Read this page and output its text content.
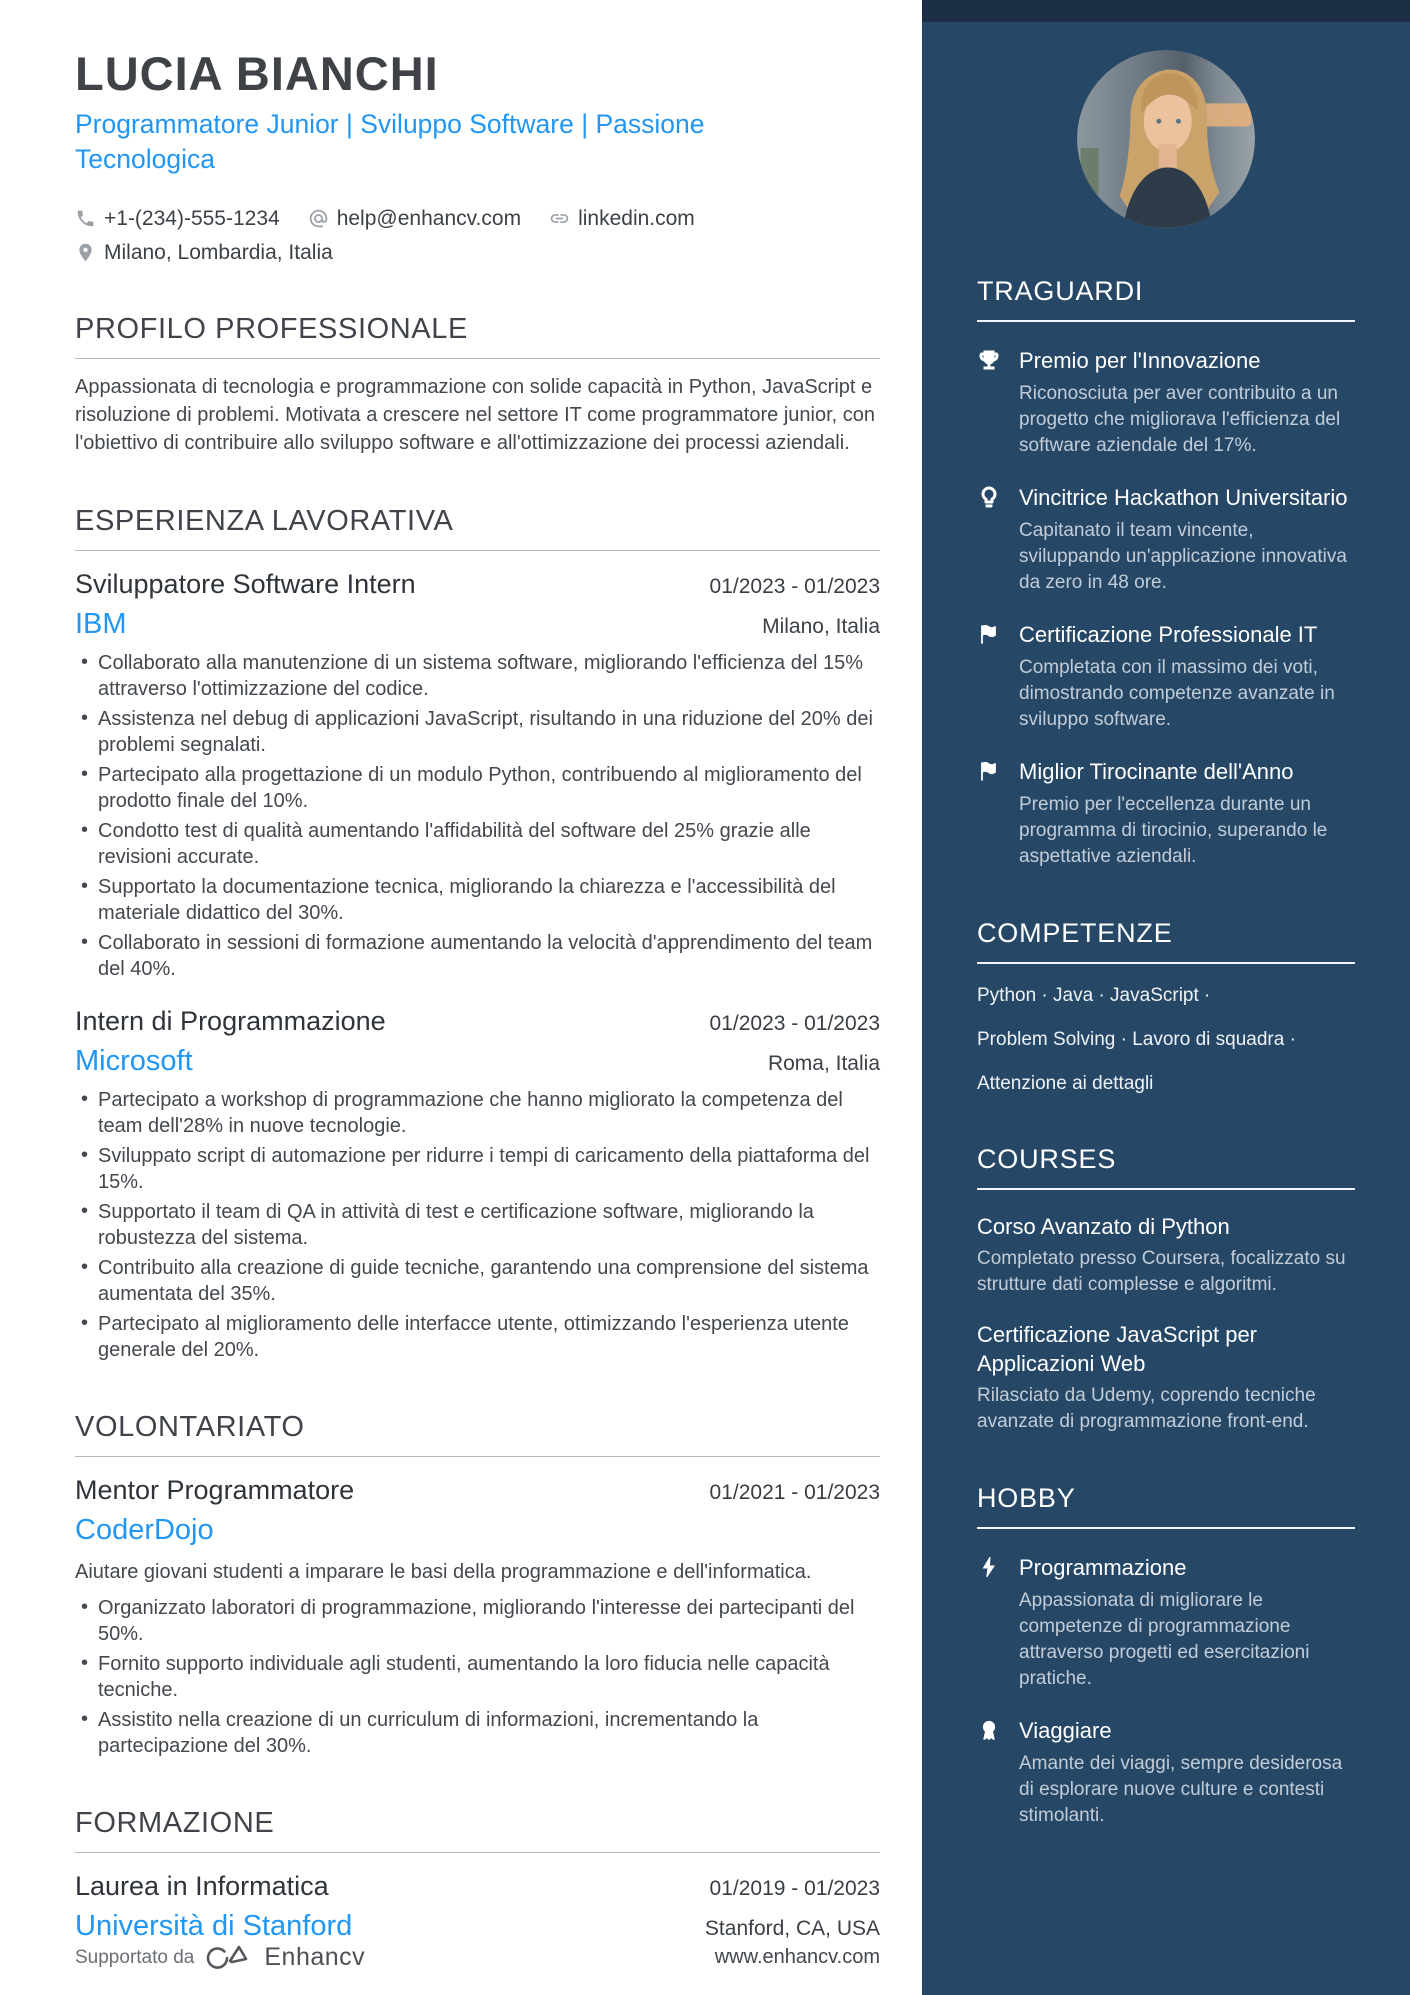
LUCIA BIANCHI
Programmatore Junior | Sviluppo Software | Passione Tecnologica
+1-(234)-555-1234	help@enhancv.com	linkedin.com
Milano, Lombardia, Italia
PROFILO PROFESSIONALE

Appassionata di tecnologia e programmazione con solide capacità in Python, JavaScript e risoluzione di problemi. Motivata a crescere nel settore IT come programmatore junior, con l'obiettivo di contribuire allo sviluppo software e all'ottimizzazione dei processi aziendali.

ESPERIENZA LAVORATIVA
Sviluppatore Software Intern	01/2023 - 01/2023
IBM	Milano, Italia
• Collaborato alla manutenzione di un sistema software, migliorando l'efficienza del 15% attraverso l'ottimizzazione del codice.
• Assistenza nel debug di applicazioni JavaScript, risultando in una riduzione del 20% dei problemi segnalati.
• Partecipato alla progettazione di un modulo Python, contribuendo al miglioramento del prodotto finale del 10%.
• Condotto test di qualità aumentando l'affidabilità del software del 25% grazie alle revisioni accurate.
• Supportato la documentazione tecnica, migliorando la chiarezza e l'accessibilità del materiale didattico del 30%.
• Collaborato in sessioni di formazione aumentando la velocità d'apprendimento del team del 40%.
Intern di Programmazione	01/2023 - 01/2023
Microsoft	Roma, Italia
• Partecipato a workshop di programmazione che hanno migliorato la competenza del team dell'28% in nuove tecnologie.
• Sviluppato script di automazione per ridurre i tempi di caricamento della piattaforma del 15%.
• Supportato il team di QA in attività di test e certificazione software, migliorando la robustezza del sistema.
• Contribuito alla creazione di guide tecniche, garantendo una comprensione del sistema aumentata del 35%.
• Partecipato al miglioramento delle interfacce utente, ottimizzando l'esperienza utente generale del 20%.
VOLONTARIATO
Mentor Programmatore	01/2021 - 01/2023
CoderDojo

Aiutare giovani studenti a imparare le basi della programmazione e dell'informatica.

• Organizzato laboratori di programmazione, migliorando l'interesse dei partecipanti del 50%.
• Fornito supporto individuale agli studenti, aumentando la loro fiducia nelle capacità tecniche.
• Assistito nella creazione di un curriculum di informazioni, incrementando la partecipazione del 30%.
FORMAZIONE
Laurea in Informatica	01/2019 - 01/2023
Università di Stanford	Stanford, CA, USA
Supportato da	Enhancv	www.enhancv.com
TRAGUARDI
Premio per l'Innovazione
Riconosciuta per aver contribuito a un progetto che migliorava l'efficienza del software aziendale del 17%.
Vincitrice Hackathon Universitario
Capitanato il team vincente, sviluppando un'applicazione innovativa da zero in 48 ore.
Certificazione Professionale IT
Completata con il massimo dei voti, dimostrando competenze avanzate in sviluppo software.
Miglior Tirocinante dell'Anno
Premio per l'eccellenza durante un programma di tirocinio, superando le aspettative aziendali.
COMPETENZE
Python · Java · JavaScript ·
Problem Solving · Lavoro di squadra ·
Attenzione ai dettagli
COURSES
Corso Avanzato di Python
Completato presso Coursera, focalizzato su strutture dati complesse e algoritmi.
Certificazione JavaScript per Applicazioni Web
Rilasciato da Udemy, coprendo tecniche avanzate di programmazione front-end.
HOBBY
Programmazione
Appassionata di migliorare le competenze di programmazione attraverso progetti ed esercitazioni pratiche.
Viaggiare
Amante dei viaggi, sempre desiderosa di esplorare nuove culture e contesti stimolanti.
